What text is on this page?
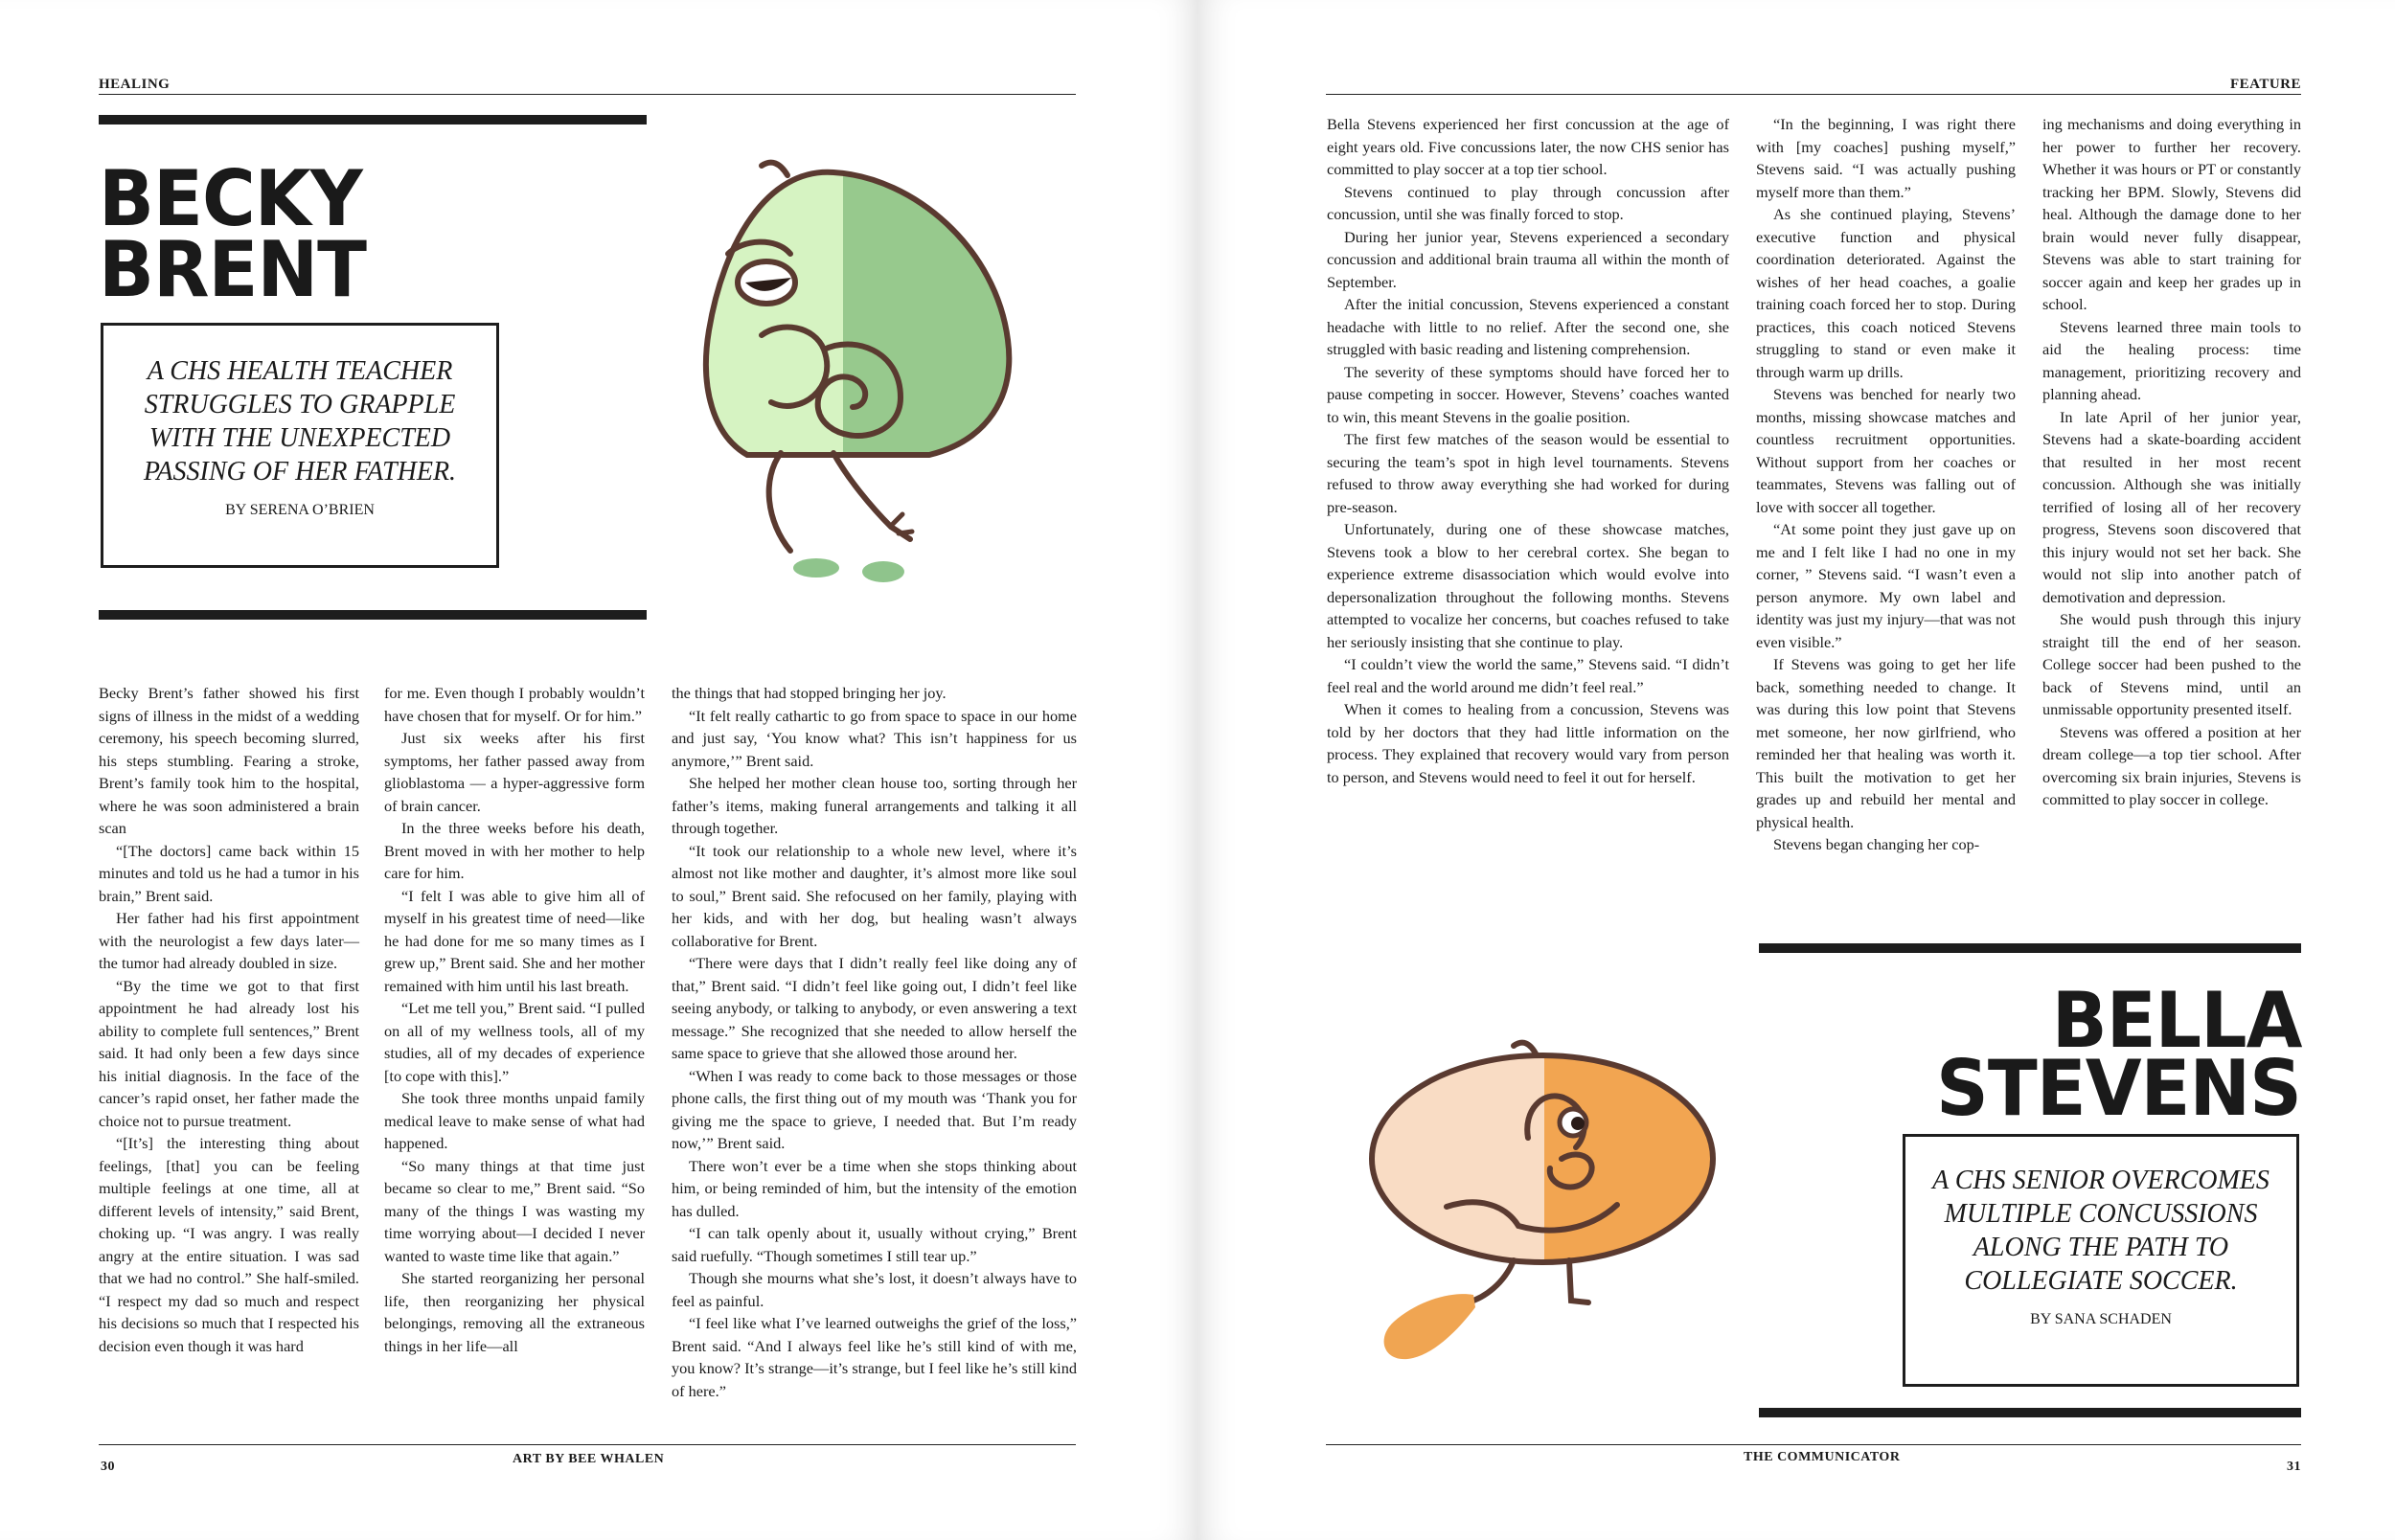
HEALING
BECKY
BRENT
A CHS HEALTH TEACHER STRUGGLES TO GRAPPLE WITH THE UNEXPECTED PASSING OF HER FATHER.
BY SERENA O’BRIEN

Becky Brent’s father showed his first signs of illness in the midst of a wedding ceremony, his speech becoming slurred, his steps stumbling. Fearing a stroke, Brent’s family took him to the hospital, where he was soon administered a brain scan

“[The doctors] came back within 15 minutes and told us he had a tumor in his brain,” Brent said.

Her father had his first appointment with the neurologist a few days later—the tumor had already doubled in size.

“By the time we got to that first appointment he had already lost his ability to complete full sentences,” Brent said. It had only been a few days since his initial diagnosis. In the face of the cancer’s rapid onset, her father made the choice not to pursue treatment.

“[It’s] the interesting thing about feelings, [that] you can be feeling multiple feelings at one time, all at different levels of intensity,” said Brent, choking up. “I was angry. I was really angry at the entire situation. I was sad that we had no control.” She half-smiled. “I respect my dad so much and respect his decisions so much that I respected his decision even though it was hard

for me. Even though I probably wouldn’t have chosen that for myself. Or for him.”

Just six weeks after his first symptoms, her father passed away from glioblastoma — a hyper-aggressive form of brain cancer.

In the three weeks before his death, Brent moved in with her mother to help care for him.

“I felt I was able to give him all of myself in his greatest time of need—like he had done for me so many times as I grew up,” Brent said. She and her mother remained with him until his last breath.

“Let me tell you,” Brent said. “I pulled on all of my wellness tools, all of my studies, all of my decades of experience [to cope with this].”

She took three months unpaid family medical leave to make sense of what had happened.

“So many things at that time just became so clear to me,” Brent said. “So many of the things I was wasting my time worrying about—I decided I never wanted to waste time like that again.”

She started reorganizing her personal life, then reorganizing her physical belongings, removing all the extraneous things in her life—all

the things that had stopped bringing her joy.

“It felt really cathartic to go from space to space in our home and just say, ‘You know what? This isn’t happiness for us anymore,’” Brent said.

She helped her mother clean house too, sorting through her father’s items, making funeral arrangements and talking it all through together.

“It took our relationship to a whole new level, where it’s almost not like mother and daughter, it’s almost more like soul to soul,” Brent said. She refocused on her family, playing with her kids, and with her dog, but healing wasn’t always collaborative for Brent.

“There were days that I didn’t really feel like doing any of that,” Brent said. “I didn’t feel like going out, I didn’t feel like seeing anybody, or talking to anybody, or even answering a text message.” She recognized that she needed to allow herself the same space to grieve that she allowed those around her.

“When I was ready to come back to those messages or those phone calls, the first thing out of my mouth was ‘Thank you for giving me the space to grieve, I needed that. But I’m ready now,’” Brent said.

There won’t ever be a time when she stops thinking about him, or being reminded of him, but the intensity of the emotion has dulled.

“I can talk openly about it, usually without crying,” Brent said ruefully. “Though sometimes I still tear up.”

Though she mourns what she’s lost, it doesn’t always have to feel as painful.

“I feel like what I’ve learned outweighs the grief of the loss,” Brent said. “And I always feel like he’s still kind of with me, you know? It’s strange—it’s strange, but I feel like he’s still kind of here.”

30
ART BY BEE WHALEN
FEATURE

Bella Stevens experienced her first concussion at the age of eight years old. Five concussions later, the now CHS senior has committed to play soccer at a top tier school.

Stevens continued to play through concussion after concussion, until she was finally forced to stop.

During her junior year, Stevens experienced a secondary concussion and additional brain trauma all within the month of September.

After the initial concussion, Stevens experienced a constant headache with little to no relief. After the second one, she struggled with basic reading and listening comprehension.

The severity of these symptoms should have forced her to pause competing in soccer. However, Stevens’ coaches wanted to win, this meant Stevens in the goalie position.

The first few matches of the season would be essential to securing the team’s spot in high level tournaments. Stevens refused to throw away everything she had worked for during pre-season.

Unfortunately, during one of these showcase matches, Stevens took a blow to her cerebral cortex. She began to experience extreme disassociation which would evolve into depersonalization throughout the following months. Stevens attempted to vocalize her concerns, but coaches refused to take her seriously insisting that she continue to play.

“I couldn’t view the world the same,” Stevens said. “I didn’t feel real and the world around me didn’t feel real.”

When it comes to healing from a concussion, Stevens was told by her doctors that they had little information on the process. They explained that recovery would vary from person to person, and Stevens would need to feel it out for herself.

“In the beginning, I was right there with [my coaches] pushing myself,” Stevens said. “I was actually pushing myself more than them.”

As she continued playing, Stevens’ executive function and physical coordination deteriorated. Against the wishes of her head coaches, a goalie training coach forced her to stop. During practices, this coach noticed Stevens struggling to stand or even make it through warm up drills.

Stevens was benched for nearly two months, missing showcase matches and countless recruitment opportunities. Without support from her coaches or teammates, Stevens was falling out of love with soccer all together.

“At some point they just gave up on me and I felt like I had no one in my corner, ” Stevens said. “I wasn’t even a person anymore. My own label and identity was just my injury—that was not even visible.”

If Stevens was going to get her life back, something needed to change. It was during this low point that Stevens met someone, her now girlfriend, who reminded her that healing was worth it. This built the motivation to get her grades up and rebuild her mental and physical health.

Stevens began changing her cop-

ing mechanisms and doing everything in her power to further her recovery. Whether it was hours or PT or constantly tracking her BPM. Slowly, Stevens did heal. Although the damage done to her brain would never fully disappear, Stevens was able to start training for soccer again and keep her grades up in school.

Stevens learned three main tools to aid the healing process: time management, prioritizing recovery and planning ahead.

In late April of her junior year, Stevens had a skate-boarding accident that resulted in her most recent concussion. Although she was initially terrified of losing all of her recovery progress, Stevens soon discovered that this injury would not set her back. She would not slip into another patch of demotivation and depression.

She would push through this injury straight till the end of her season. College soccer had been pushed to the back of Stevens mind, until an unmissable opportunity presented itself.

Stevens was offered a position at her dream college—a top tier school. After overcoming six brain injuries, Stevens is committed to play soccer in college.

BELLA
STEVENS
A CHS SENIOR OVERCOMES MULTIPLE CONCUSSIONS ALONG THE PATH TO COLLEGIATE SOCCER.
BY SANA SCHADEN
THE COMMUNICATOR
31
